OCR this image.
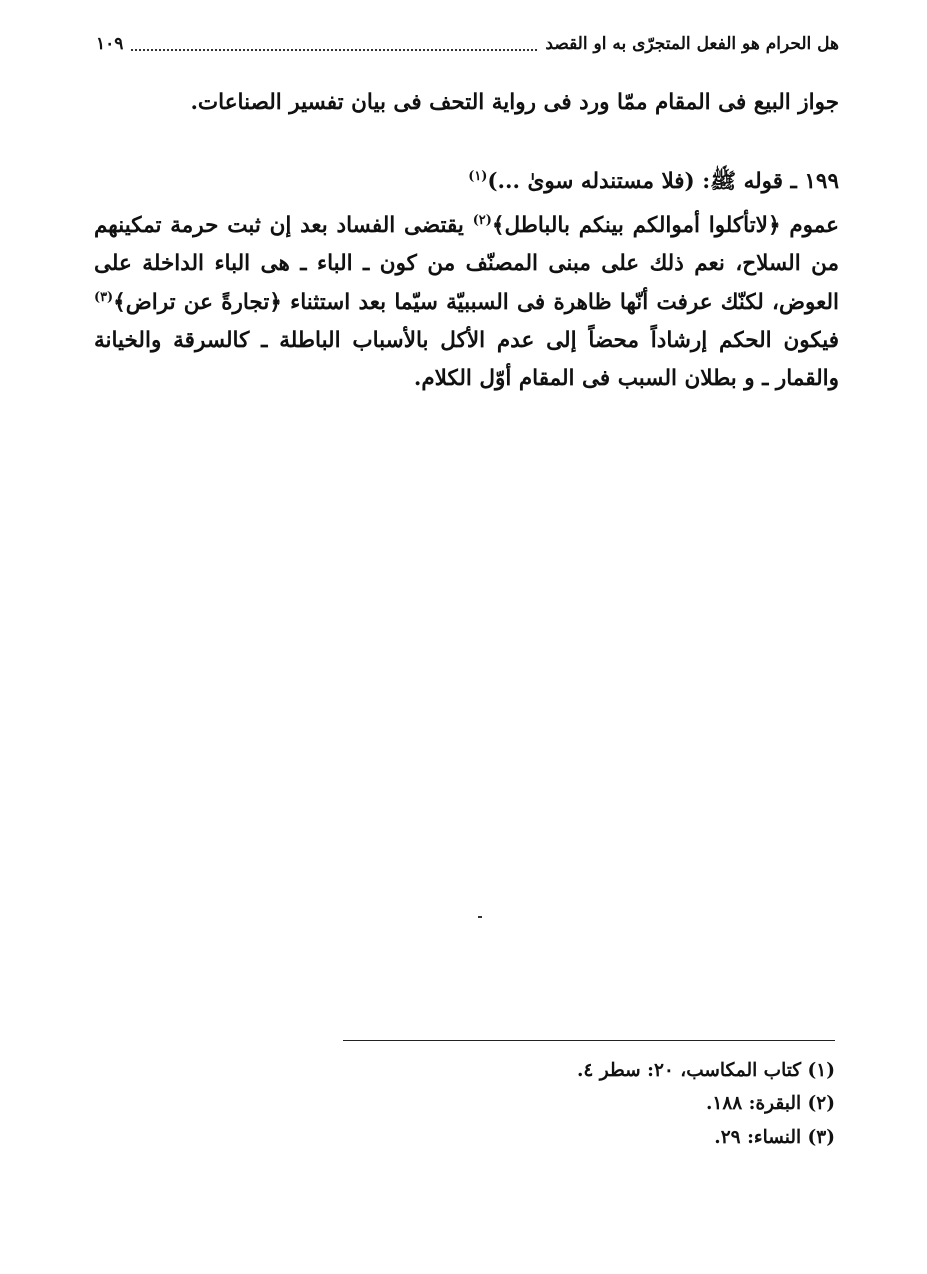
هل الحرام هو الفعل المتجرّى به او القصد
١٠٩
جواز البيع فى المقام ممّا ورد فى رواية التحف فى بيان تفسير الصناعات.
١٩٩ ـ قوله ﷺ: (فلا مستندله سوىٰ ...)$^{(١)}$
عموم ﴿لاتأكلوا أموالكم بينكم بالباطل﴾$^{(٢)}$ يقتضى الفساد بعد إن ثبت حرمة تمكينهم من السلاح، نعم ذلك على مبنى المصنّف من كون ـ الباء ـ هى الباء الداخلة على العوض، لكنّك عرفت أنّها ظاهرة فى السببيّة سيّما بعد استثناء ﴿تجارةً عن تراض﴾$^{(٣)}$ فيكون الحكم إرشاداً محضاً إلى عدم الأكل بالأسباب الباطلة ـ كالسرقة والخيانة والقمار ـ و بطلان السبب فى المقام أوّل الكلام.
(١) كتاب المكاسب، ٢٠: سطر ٤.
(٢) البقرة: ١٨٨.
(٣) النساء: ٢٩.
